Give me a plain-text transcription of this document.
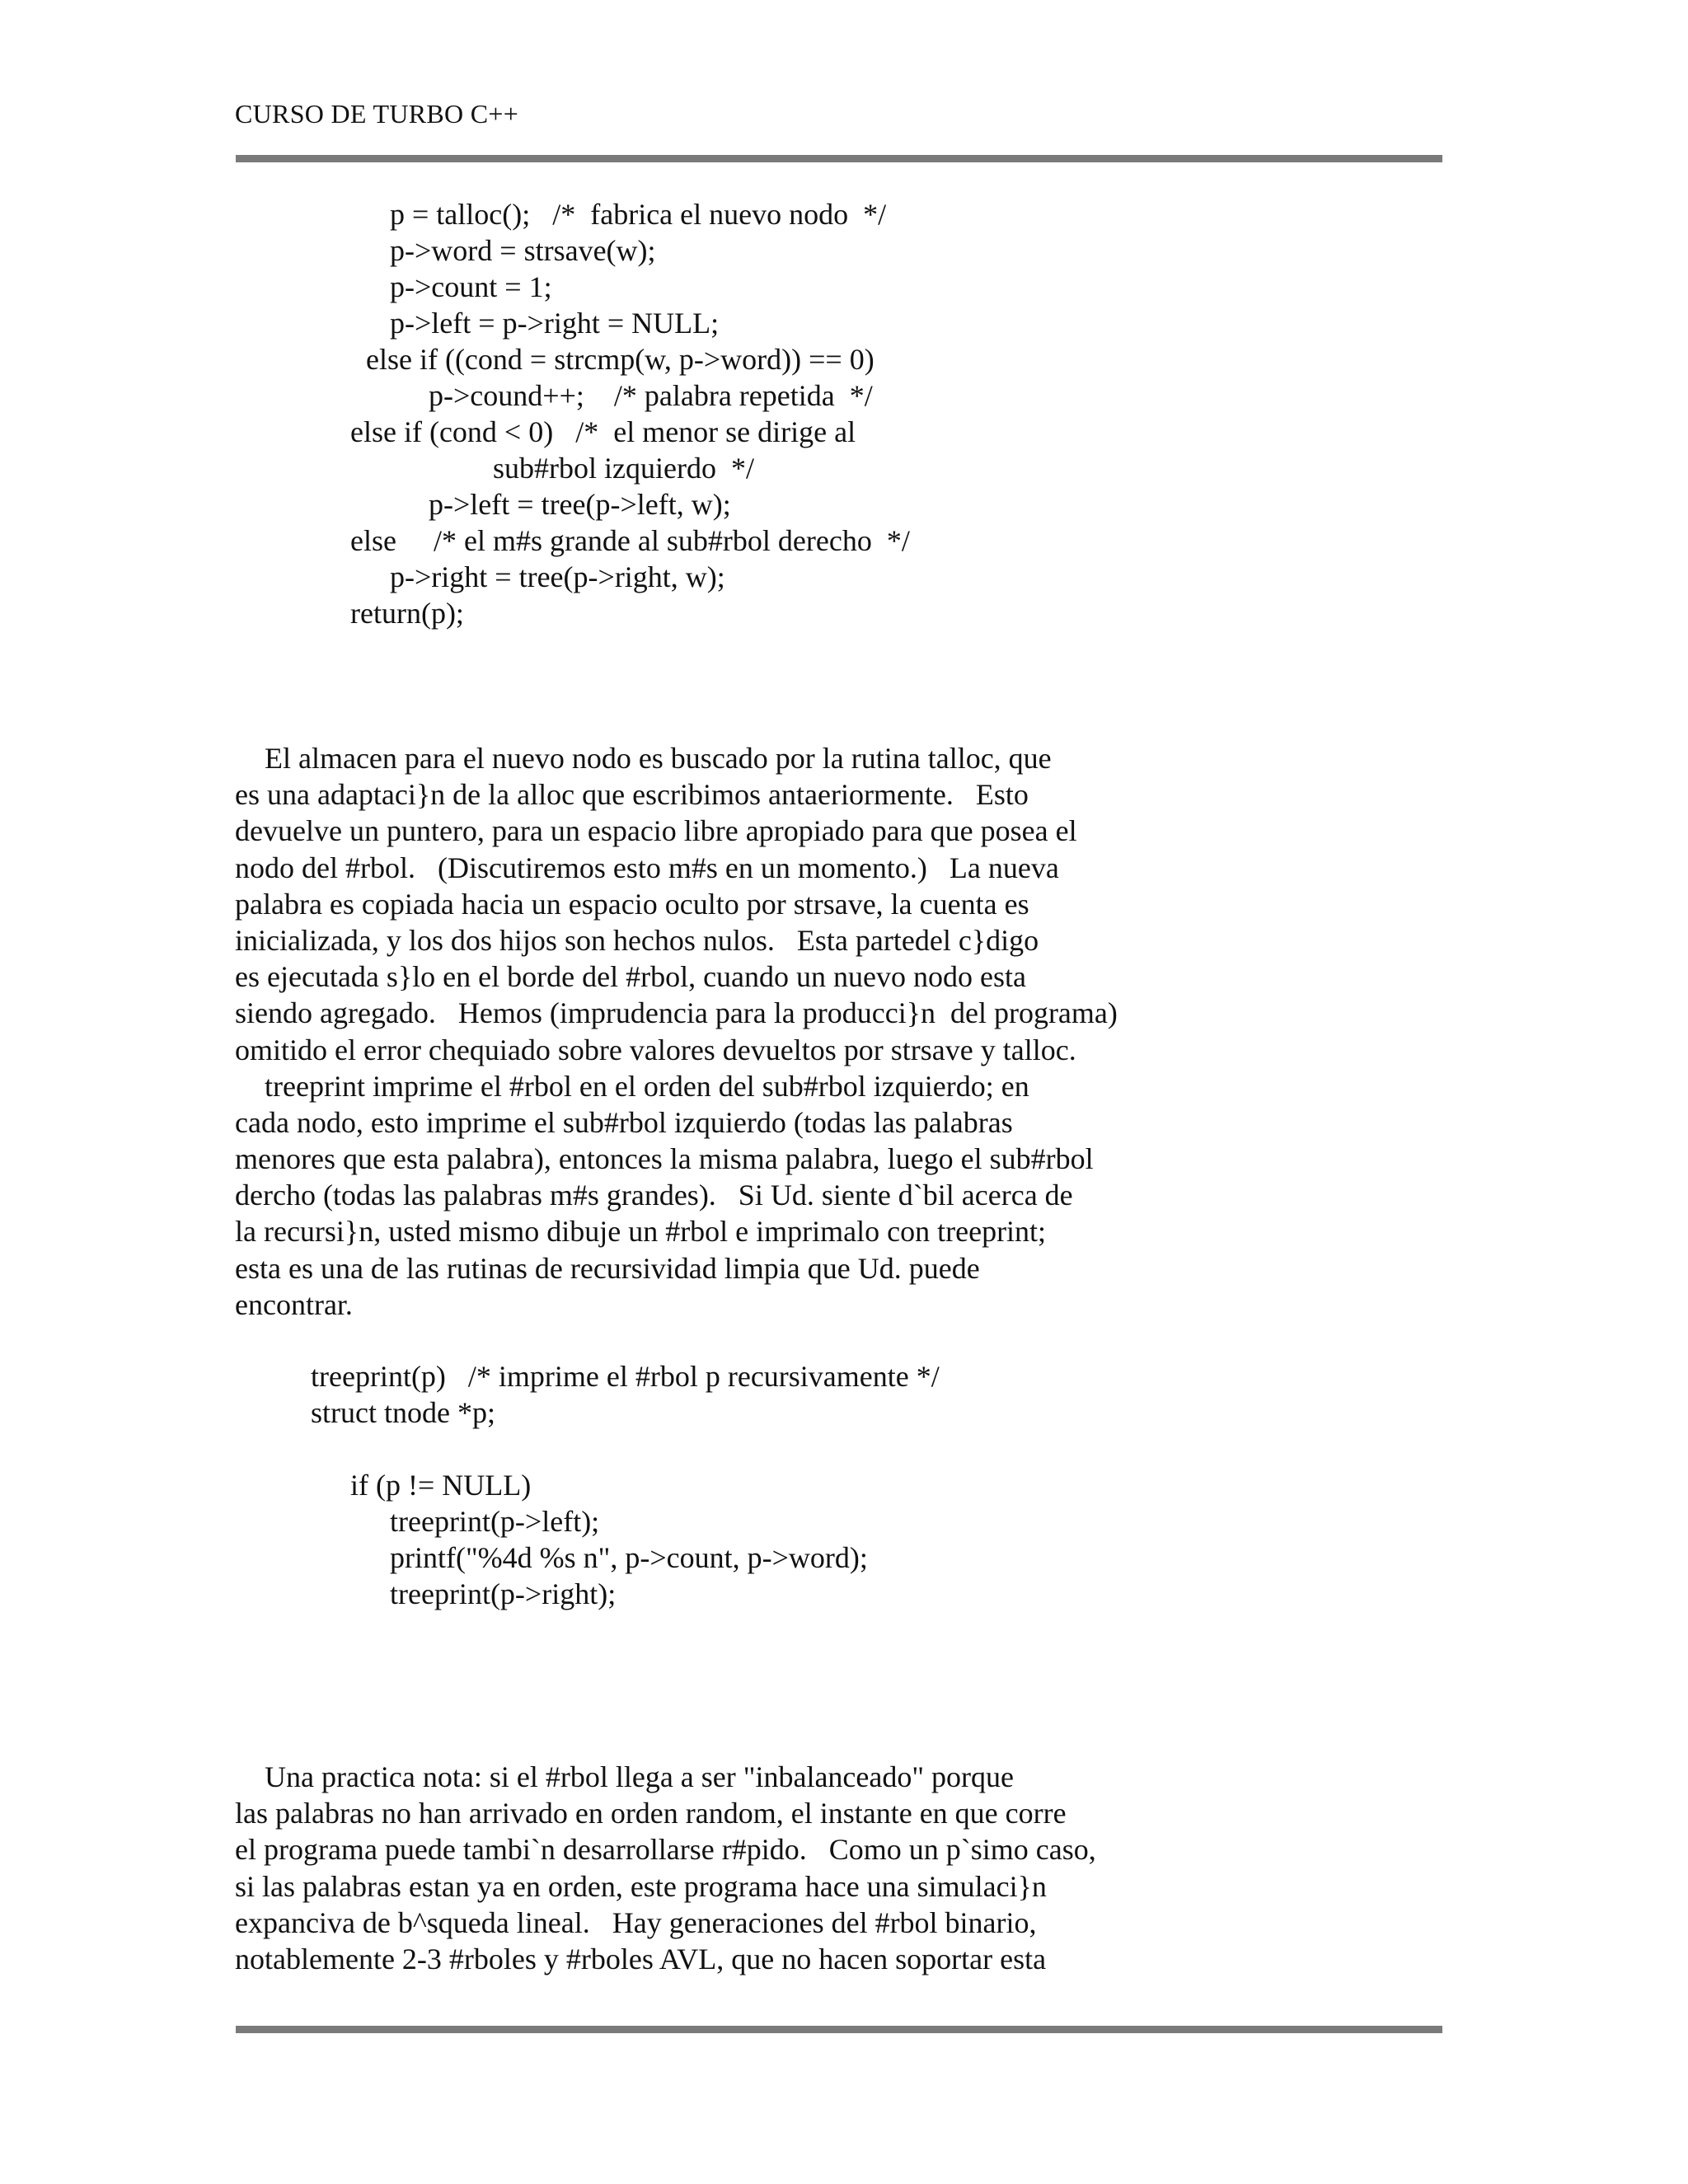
CURSO DE TURBO C++
p = talloc();   /*  fabrica el nuevo nodo  */
p->word = strsave(w);
p->count = 1;
p->left = p->right = NULL;
else if ((cond = strcmp(w, p->word)) == 0)
p->cound++;    /* palabra repetida  */
else if (cond < 0)   /*  el menor se dirige al
sub#rbol izquierdo  */
p->left = tree(p->left, w);
else     /* el m#s grande al sub#rbol derecho  */
p->right = tree(p->right, w);
return(p);
El almacen para el nuevo nodo es buscado por la rutina talloc, que
es una adaptaci}n de la alloc que escribimos antaeriormente.   Esto
devuelve un puntero, para un espacio libre apropiado para que posea el
nodo del #rbol.   (Discutiremos esto m#s en un momento.)   La nueva
palabra es copiada hacia un espacio oculto por strsave, la cuenta es
inicializada, y los dos hijos son hechos nulos.   Esta partedel c}digo
es ejecutada s}lo en el borde del #rbol, cuando un nuevo nodo esta
siendo agregado.   Hemos (imprudencia para la producci}n  del programa)
omitido el error chequiado sobre valores devueltos por strsave y talloc.
treeprint imprime el #rbol en el orden del sub#rbol izquierdo; en
cada nodo, esto imprime el sub#rbol izquierdo (todas las palabras
menores que esta palabra), entonces la misma palabra, luego el sub#rbol
dercho (todas las palabras m#s grandes).   Si Ud. siente d`bil acerca de
la recursi}n, usted mismo dibuje un #rbol e imprimalo con treeprint;
esta es una de las rutinas de recursividad limpia que Ud. puede
encontrar.
treeprint(p)   /* imprime el #rbol p recursivamente */
struct tnode *p;
if (p != NULL)
treeprint(p->left);
printf("%4d %s n", p->count, p->word);
treeprint(p->right);
Una practica nota: si el #rbol llega a ser "inbalanceado" porque
las palabras no han arrivado en orden random, el instante en que corre
el programa puede tambi`n desarrollarse r#pido.   Como un p`simo caso,
si las palabras estan ya en orden, este programa hace una simulaci}n
expanciva de b^squeda lineal.   Hay generaciones del #rbol binario,
notablemente 2-3 #rboles y #rboles AVL, que no hacen soportar esta
